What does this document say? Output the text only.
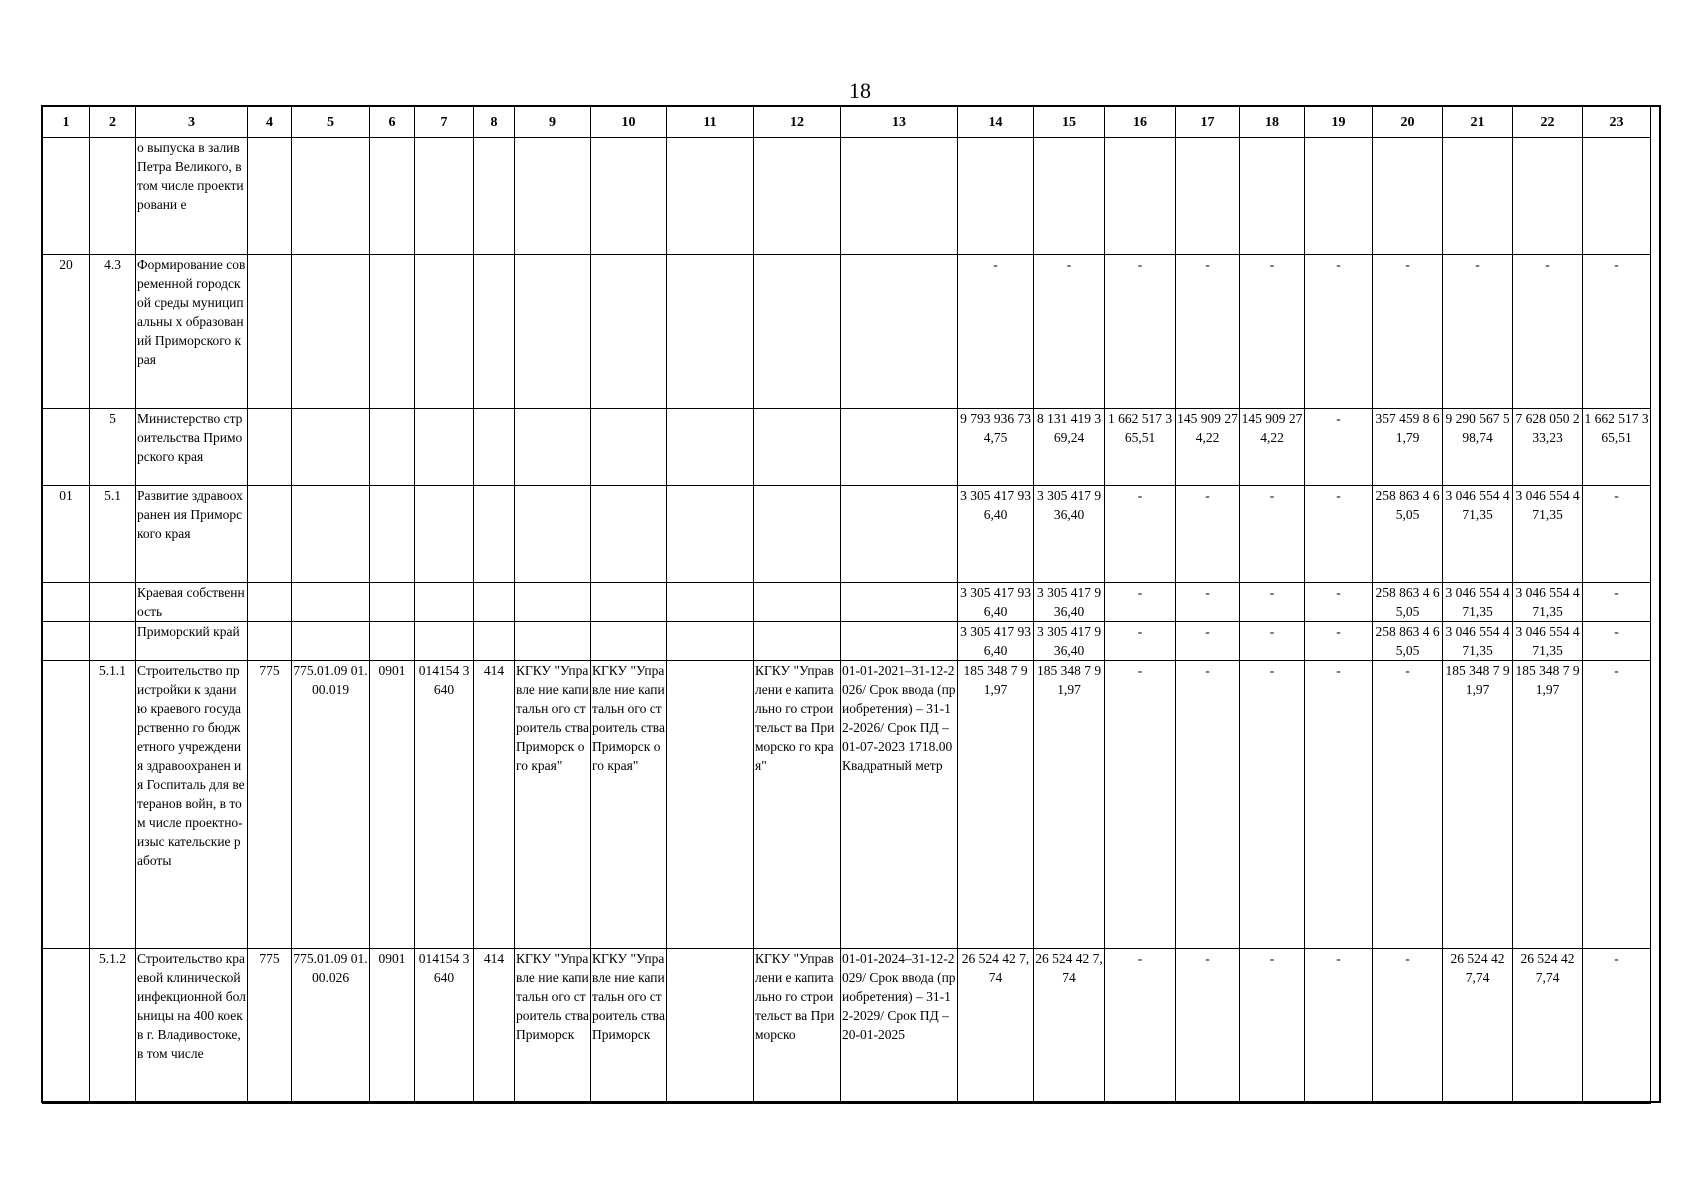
18
1	2	3	4	5	6	7	8	9	10	11	12	13	14	15	16	17	18	19	20	21	22	23
		о выпуска в залив Петра Великого, в том числе проектировани е																				
20	4.3	Формирование современной городской среды муниципальны х образований Приморского края											-	-	-	-	-	-	-	-	-	-
	5	Министерство строительства Приморского края											9 793 936 734,75	8 131 419 369,24	1 662 517 365,51	145 909 274,22	145 909 274,22	-	357 459 8 61,79	9 290 567 598,74	7 628 050 233,23	1 662 517 365,51
01	5.1	Развитие здравоохранен ия Приморского края											3 305 417 936,40	3 305 417 936,40	-	-	-	-	258 863 4 65,05	3 046 554 471,35	3 046 554 471,35	-
		Краевая собственность											3 305 417 936,40	3 305 417 936,40	-	-	-	-	258 863 4 65,05	3 046 554 471,35	3 046 554 471,35	-
		Приморский край											3 305 417 936,40	3 305 417 936,40	-	-	-	-	258 863 4 65,05	3 046 554 471,35	3 046 554 471,35	-
	5.1.1	Строительство пристройки к зданию краевого государственно го бюджетного учреждения здравоохранен ия Госпиталь для ветеранов войн, в том числе проектно-изыс кательские работы	775	775.01.09 01.00.019	0901	014154 3640	414	КГКУ "Управле ние капитальн ого строитель ства Приморск ого края"	КГКУ "Управле ние капитальн ого строитель ства Приморск ого края"		КГКУ "Управлени е капитально го строительст ва Приморско го края"	01-01-2021–31-12-2026/ Срок ввода (приобретения) – 31-12-2026/ Срок ПД – 01-07-2023 1718.00 Квадратный метр	185 348 7 91,97	185 348 7 91,97	-	-	-	-	-	185 348 7 91,97	185 348 7 91,97	-
	5.1.2	Строительство краевой клинической инфекционной больницы на 400 коек в г. Владивостоке, в том числе	775	775.01.09 01.00.026	0901	014154 3640	414	КГКУ "Управле ние капитальн ого строитель ства Приморск	КГКУ "Управле ние капитальн ого строитель ства Приморск		КГКУ "Управлени е капитально го строительст ва Приморско	01-01-2024–31-12-2029/ Срок ввода (приобретения) – 31-12-2029/ Срок ПД – 20-01-2025	26 524 42 7,74	26 524 42 7,74	-	-	-	-	-	26 524 42 7,74	26 524 42 7,74	-
